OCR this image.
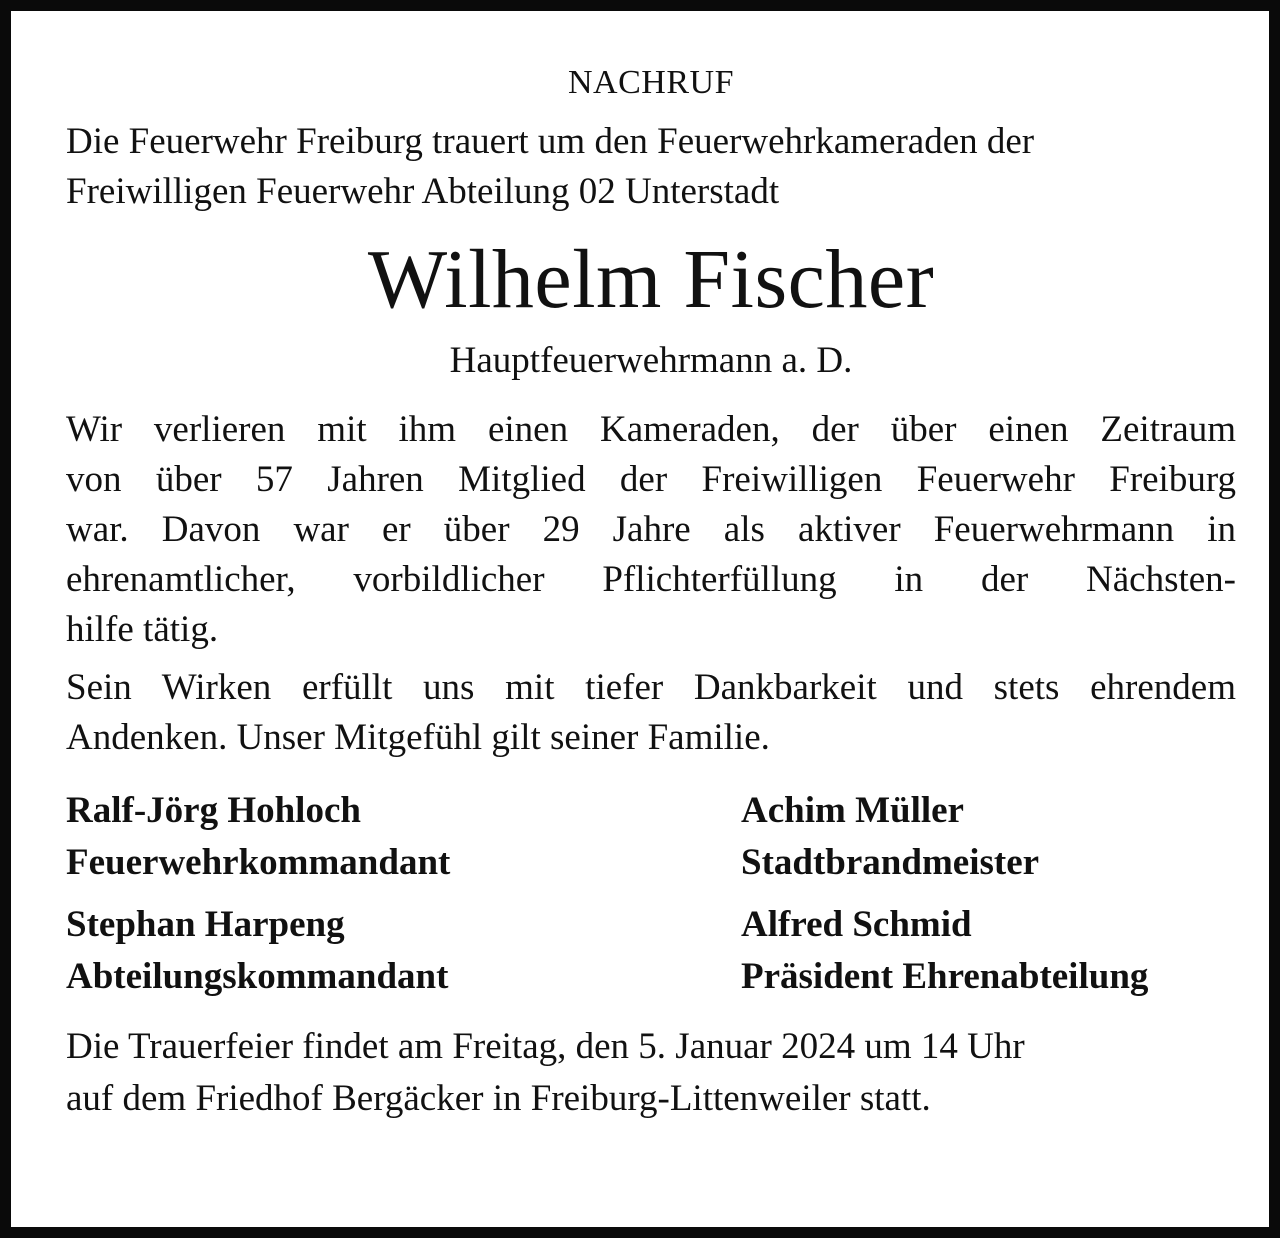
NACHRUF
Die Feuerwehr Freiburg trauert um den Feuerwehrkameraden der
Freiwilligen Feuerwehr Abteilung 02 Unterstadt
Wilhelm Fischer
Hauptfeuerwehrmann a. D.
Wir verlieren mit ihm einen Kameraden, der über einen Zeitraum
von über 57 Jahren Mitglied der Freiwilligen Feuerwehr Freiburg
war. Davon war er über 29 Jahre als aktiver Feuerwehrmann in
ehrenamtlicher, vorbildlicher Pflichterfüllung in der Nächsten-
hilfe tätig.
Sein Wirken erfüllt uns mit tiefer Dankbarkeit und stets ehrendem
Andenken. Unser Mitgefühl gilt seiner Familie.
Ralf-Jörg Hohloch
Feuerwehrkommandant
Achim Müller
Stadtbrandmeister
Stephan Harpeng
Abteilungskommandant
Alfred Schmid
Präsident Ehrenabteilung
Die Trauerfeier findet am Freitag, den 5. Januar 2024 um 14 Uhr
auf dem Friedhof Bergäcker in Freiburg-Littenweiler statt.
